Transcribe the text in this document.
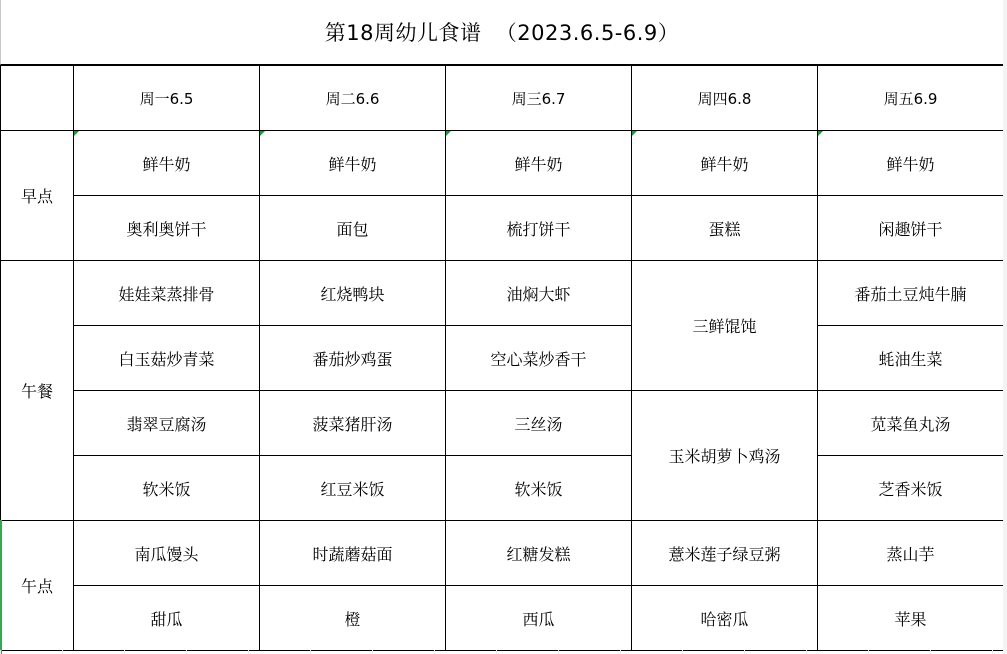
第18周幼儿食谱  （2023.6.5-6.9）
	周一6.5	周二6.6	周三6.7	周四6.8	周五6.9
早点	鲜牛奶	鲜牛奶	鲜牛奶	鲜牛奶	鲜牛奶
	奥利奥饼干	面包	梳打饼干	蛋糕	闲趣饼干
午餐	娃娃菜蒸排骨	红烧鸭块	油焖大虾	三鲜馄饨	番茄土豆炖牛腩
	白玉菇炒青菜	番茄炒鸡蛋	空心菜炒香干		蚝油生菜
	翡翠豆腐汤	菠菜猪肝汤	三丝汤	玉米胡萝卜鸡汤	苋菜鱼丸汤
	软米饭	红豆米饭	软米饭		芝香米饭
午点	南瓜馒头	时蔬蘑菇面	红糖发糕	薏米莲子绿豆粥	蒸山芋
	甜瓜	橙	西瓜	哈密瓜	苹果
